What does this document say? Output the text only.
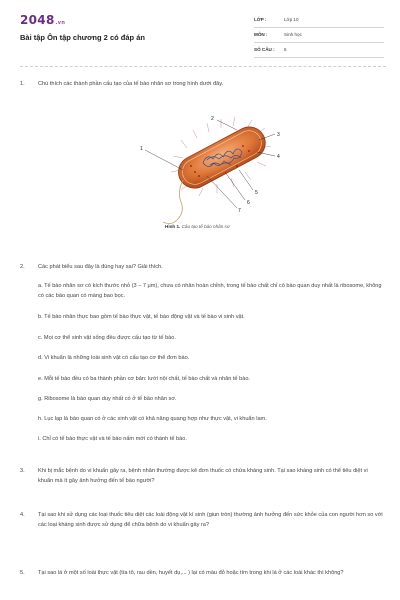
2048.vn
Bài tập Ôn tập chương 2 có đáp án
LỚP :	Lớp 10
MÔN :	Sinh học
SỐ CÂU : 6
1. Chú thích các thành phần cấu tạo của tế bào nhân sơ trong hình dưới đây.
1
2
3
4
5
6
7
Hình 1. Cấu tạo tế bào nhân sơ
2. Các phát biểu sau đây là đúng hay sai? Giải thích.
a. Tế bào nhân sơ có kích thước nhỏ (3 – 7 μm), chưa có nhân hoàn chỉnh, trong tế bào chất chỉ có bào quan duy nhất là ribosome, không có các bào quan có màng bao bọc.
b. Tế bào nhân thực bao gồm tế bào thực vật, tế bào động vật và tế bào vi sinh vật.
c. Mọi cơ thể sinh vật sống đều được cấu tạo từ tế bào.
d. Vi khuẩn là những loài sinh vật có cấu tạo cơ thể đơn bào.
e. Mỗi tế bào đều có ba thành phần cơ bản: lưới nội chất, tế bào chất và nhân tế bào.
g. Ribosome là bào quan duy nhất có ở tế bào nhân sơ.
h. Lục lạp là bào quan có ở các sinh vật có khả năng quang hợp như thực vật, vi khuẩn lam.
i. Chỉ có tế bào thực vật và tế bào nấm mới có thành tế bào.
3. Khi bị mắc bệnh do vi khuẩn gây ra, bệnh nhân thường được kê đơn thuốc có chứa kháng sinh. Tại sao kháng sinh có thể tiêu diệt vi khuẩn mà ít gây ảnh hưởng đến tế bào người?
4. Tại sao khi sử dụng các loại thuốc tiêu diệt các loài động vật kí sinh (giun tròn) thường ảnh hưởng đến sức khỏe của con người hơn so với các loại kháng sinh được sử dụng để chữa bệnh do vi khuẩn gây ra?
5. Tại sao lá ở một số loài thực vật (tía tô, rau dền, huyết dụ,... ) lại có màu đỏ hoặc tím trong khi lá ở các loài khác thì không?
